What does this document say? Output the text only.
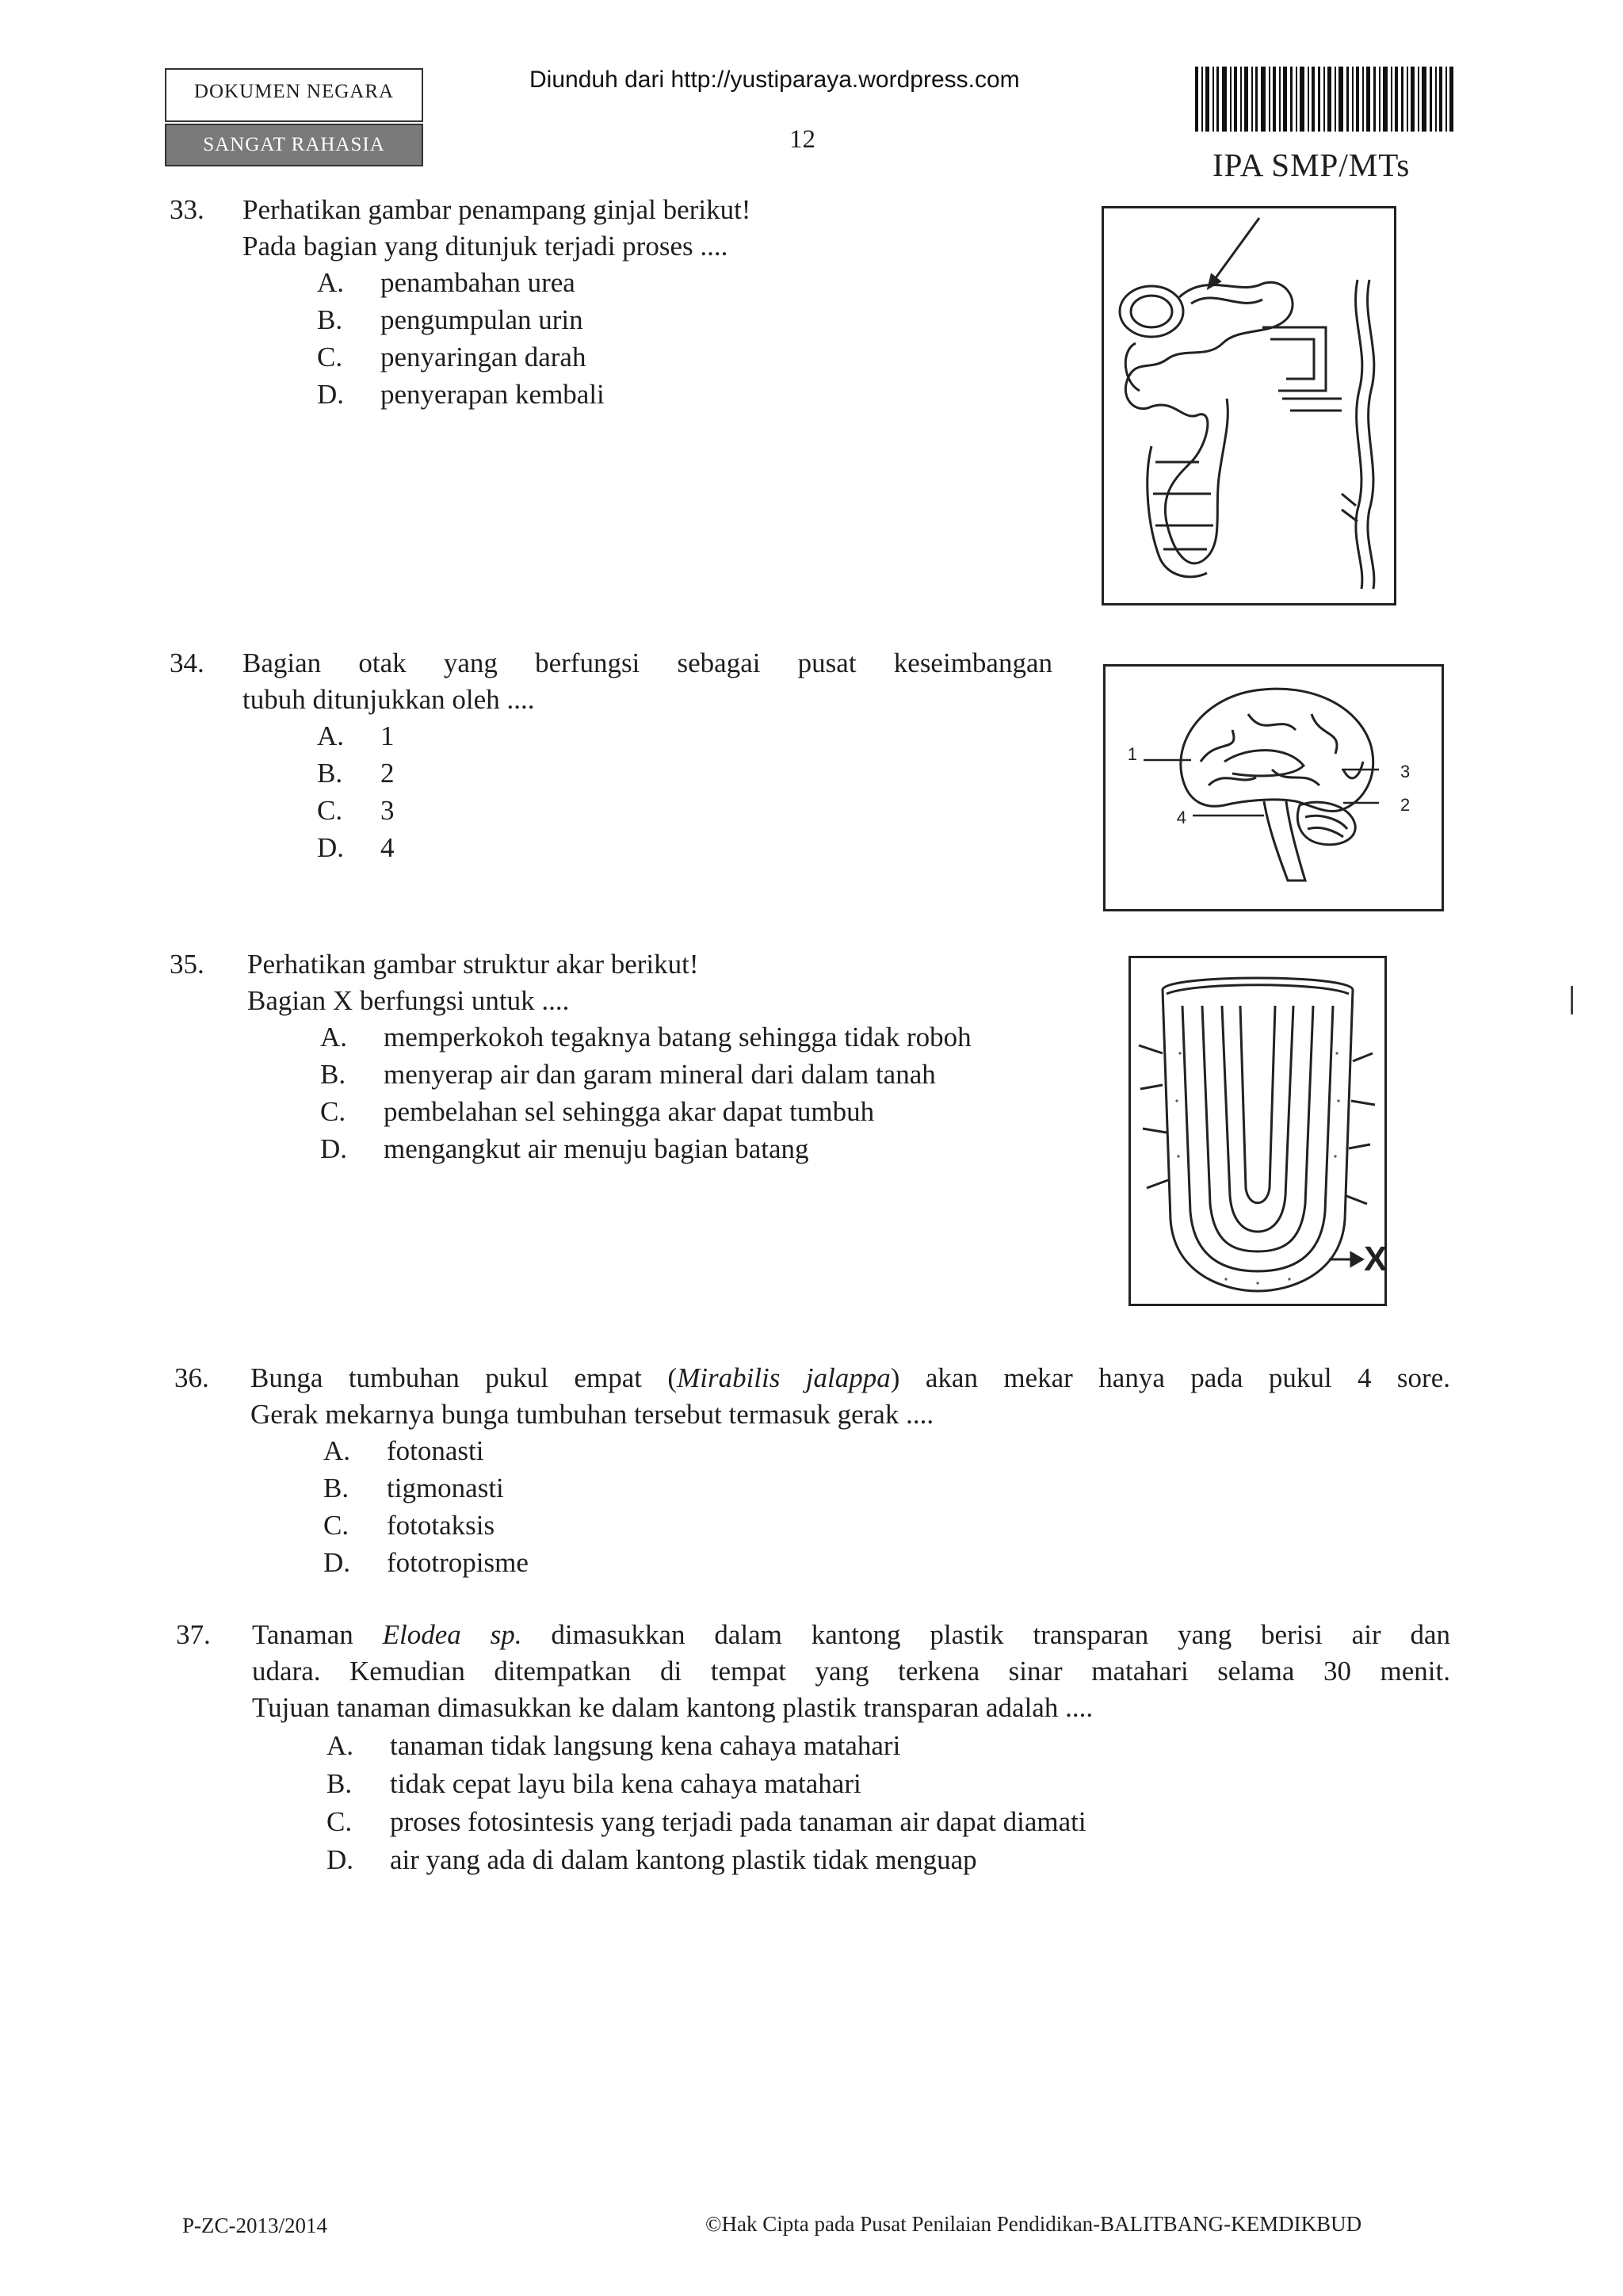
DOKUMEN NEGARA
SANGAT RAHASIA
Diunduh dari http://yustiparaya.wordpress.com
12
IPA SMP/MTs
33. Perhatikan gambar penampang ginjal berikut!
Pada bagian yang ditunjuk terjadi proses ....
A.	penambahan urea
B.	pengumpulan urin
C.	penyaringan darah
D.	penyerapan kembali
34. Bagian otak yang berfungsi sebagai pusat keseimbangan
tubuh ditunjukkan oleh ....
A.	1
B.	2
C.	3
D.	4
1
2
3
4
35. Perhatikan gambar struktur akar berikut!
Bagian X berfungsi untuk ....
A.	memperkokoh tegaknya batang sehingga tidak roboh
B.	menyerap air dan garam mineral dari dalam tanah
C.	pembelahan sel sehingga akar dapat tumbuh
D.	mengangkut air menuju bagian batang
X
36. Bunga tumbuhan pukul empat (Mirabilis jalappa) akan mekar hanya pada pukul 4 sore.
Gerak mekarnya bunga tumbuhan tersebut termasuk gerak ....
A.	fotonasti
B.	tigmonasti
C.	fototaksis
D.	fototropisme
37. Tanaman Elodea sp. dimasukkan dalam kantong plastik transparan yang berisi air dan
udara. Kemudian ditempatkan di tempat yang terkena sinar matahari selama 30 menit.
Tujuan tanaman dimasukkan ke dalam kantong plastik transparan adalah ....
A.	tanaman tidak langsung kena cahaya matahari
B.	tidak cepat layu bila kena cahaya matahari
C.	proses fotosintesis yang terjadi pada tanaman air dapat diamati
D.	air yang ada di dalam kantong plastik tidak menguap
P-ZC-2013/2014	©Hak Cipta pada Pusat Penilaian Pendidikan-BALITBANG-KEMDIKBUD
